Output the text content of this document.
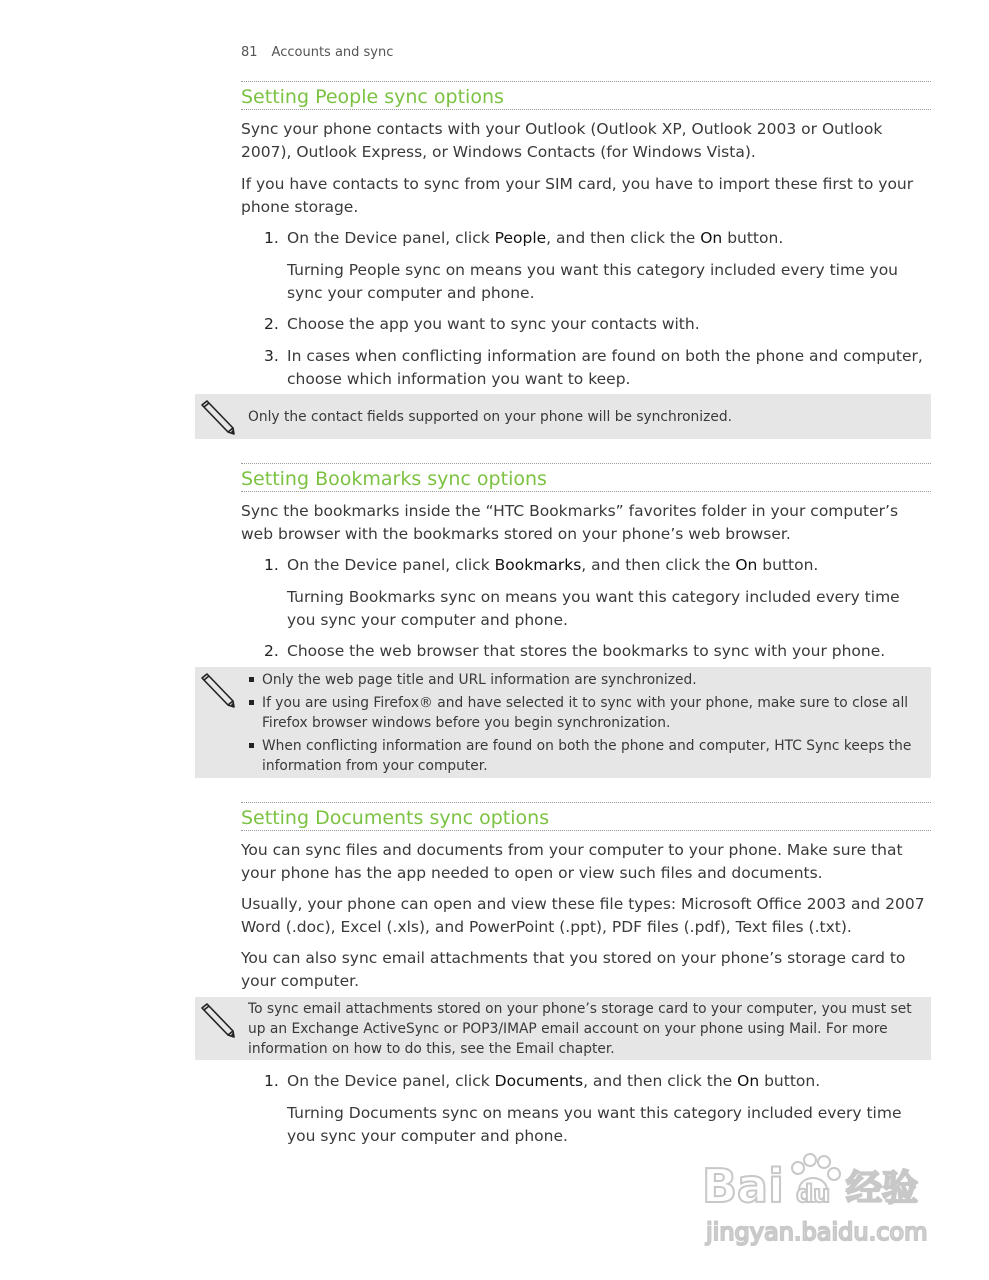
81 Accounts and sync
Setting People sync options
Sync your phone contacts with your Outlook (Outlook XP, Outlook 2003 or Outlook 2007), Outlook Express, or Windows Contacts (for Windows Vista).
If you have contacts to sync from your SIM card, you have to import these first to your phone storage.
1. On the Device panel, click People, and then click the On button.
Turning People sync on means you want this category included every time you sync your computer and phone.
2. Choose the app you want to sync your contacts with.
3. In cases when conflicting information are found on both the phone and computer, choose which information you want to keep.
Only the contact fields supported on your phone will be synchronized.
Setting Bookmarks sync options
Sync the bookmarks inside the “HTC Bookmarks” favorites folder in your computer’s web browser with the bookmarks stored on your phone’s web browser.
1. On the Device panel, click Bookmarks, and then click the On button.
Turning Bookmarks sync on means you want this category included every time you sync your computer and phone.
2. Choose the web browser that stores the bookmarks to sync with your phone.
Only the web page title and URL information are synchronized.
If you are using Firefox® and have selected it to sync with your phone, make sure to close all Firefox browser windows before you begin synchronization.
When conflicting information are found on both the phone and computer, HTC Sync keeps the information from your computer.
Setting Documents sync options
You can sync files and documents from your computer to your phone. Make sure that your phone has the app needed to open or view such files and documents.
Usually, your phone can open and view these file types: Microsoft Office 2003 and 2007 Word (.doc), Excel (.xls), and PowerPoint (.ppt), PDF files (.pdf), Text files (.txt).
You can also sync email attachments that you stored on your phone’s storage card to your computer.
To sync email attachments stored on your phone’s storage card to your computer, you must set up an Exchange ActiveSync or POP3/IMAP email account on your phone using Mail. For more information on how to do this, see the Email chapter.
1. On the Device panel, click Documents, and then click the On button.
Turning Documents sync on means you want this category included every time you sync your computer and phone.
Bai du 经验
jingyan.baidu.com
